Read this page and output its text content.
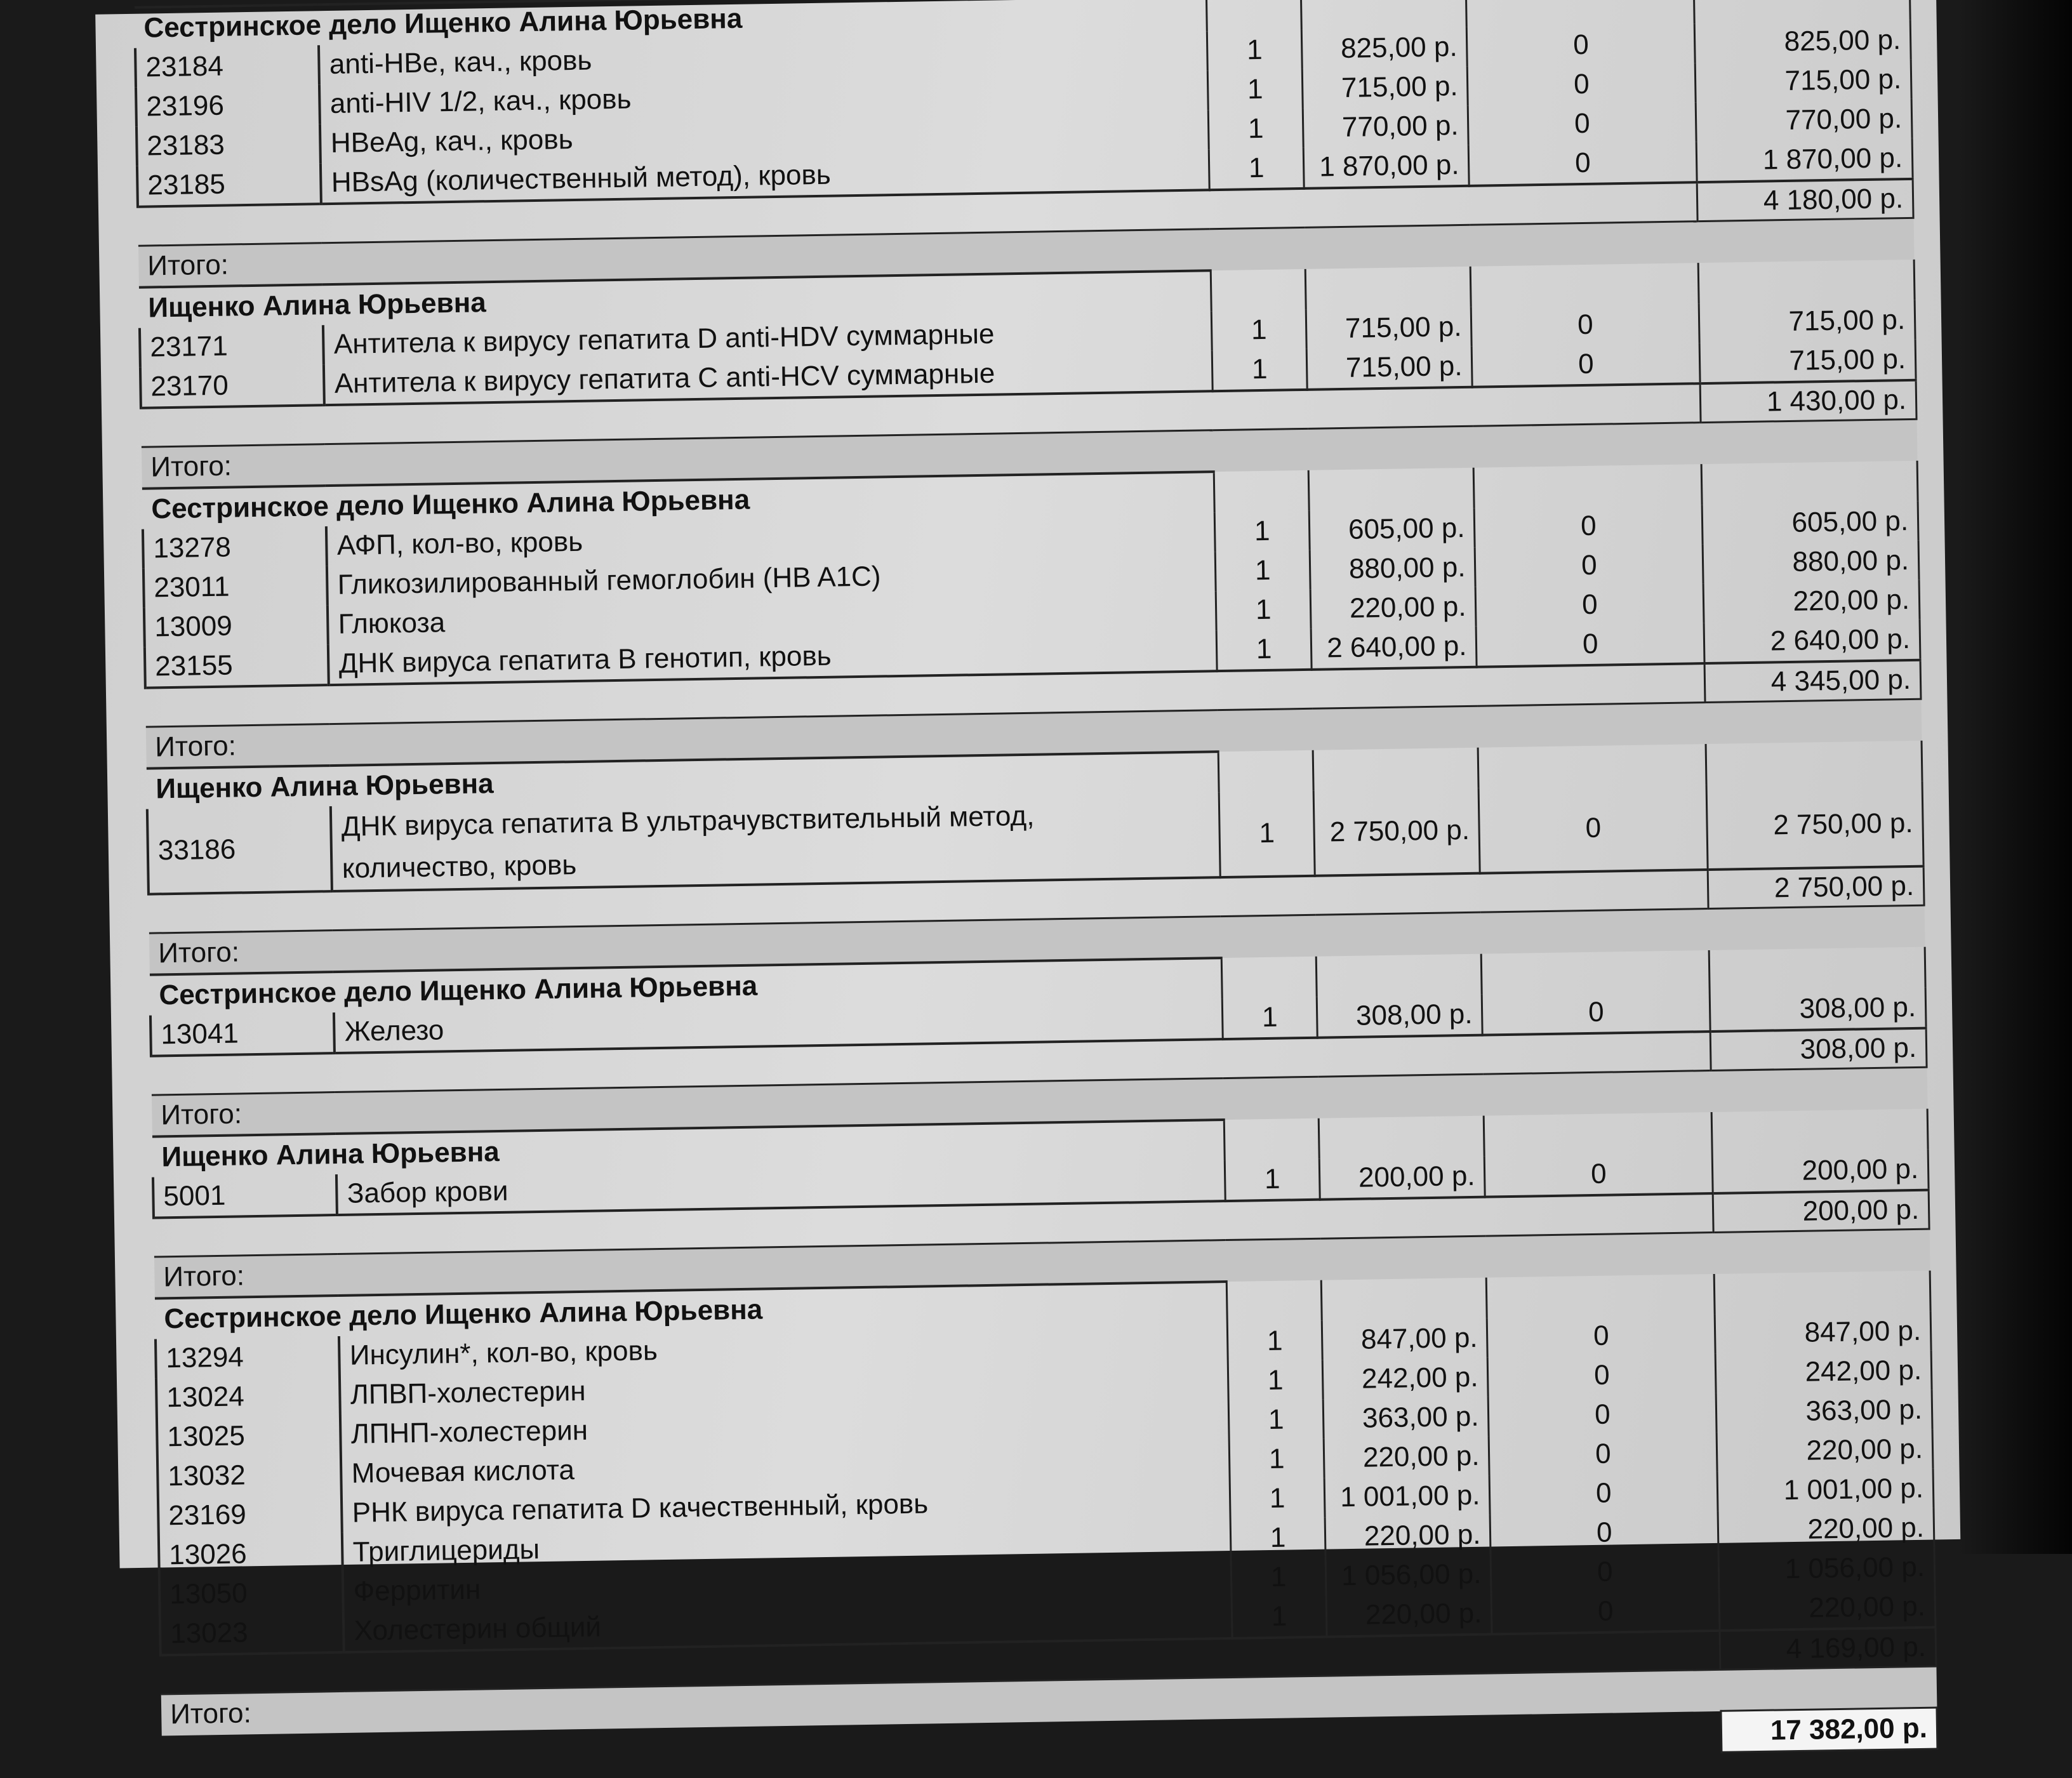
Сестринское дело Ищенко Алина Юрьевна					
23184	anti-HBe, кач., кровь	1	825,00 р.	0	825,00 р.
23196	anti-HIV 1/2, кач., кровь	1	715,00 р.	0	715,00 р.
23183	HBeAg, кач., кровь	1	770,00 р.	0	770,00 р.
23185	HBsAg (количественный метод), кровь	1	1 870,00 р.	0	1 870,00 р.
					4 180,00 р.
Итого:					
Ищенко Алина Юрьевна					
23171	Антитела к вирусу гепатита D anti-HDV суммарные	1	715,00 р.	0	715,00 р.
23170	Антитела к вирусу гепатита C anti-HCV суммарные	1	715,00 р.	0	715,00 р.
					1 430,00 р.
Итого:					
Сестринское дело Ищенко Алина Юрьевна					
13278	АФП, кол-во, кровь	1	605,00 р.	0	605,00 р.
23011	Гликозилированный гемоглобин (HB A1C)	1	880,00 р.	0	880,00 р.
13009	Глюкоза	1	220,00 р.	0	220,00 р.
23155	ДНК вируса гепатита В генотип, кровь	1	2 640,00 р.	0	2 640,00 р.
					4 345,00 р.
Итого:					
Ищенко Алина Юрьевна					
33186	ДНК вируса гепатита В ультрачувствительный метод,
количество, кровь	1	2 750,00 р.	0	2 750,00 р.
					2 750,00 р.
Итого:					
Сестринское дело Ищенко Алина Юрьевна					
13041	Железо	1	308,00 р.	0	308,00 р.
					308,00 р.
Итого:					
Ищенко Алина Юрьевна					
5001	Забор крови	1	200,00 р.	0	200,00 р.
					200,00 р.
Итого:					
Сестринское дело Ищенко Алина Юрьевна					
13294	Инсулин*, кол-во, кровь	1	847,00 р.	0	847,00 р.
13024	ЛПВП-холестерин	1	242,00 р.	0	242,00 р.
13025	ЛПНП-холестерин	1	363,00 р.	0	363,00 р.
13032	Мочевая кислота	1	220,00 р.	0	220,00 р.
23169	РНК вируса гепатита D качественный, кровь	1	1 001,00 р.	0	1 001,00 р.
13026	Триглицериды	1	220,00 р.	0	220,00 р.
13050	Ферритин	1	1 056,00 р.	0	1 056,00 р.
13023	Холестерин общий	1	220,00 р.	0	220,00 р.
					4 169,00 р.
Итого:					
					17 382,00 р.
